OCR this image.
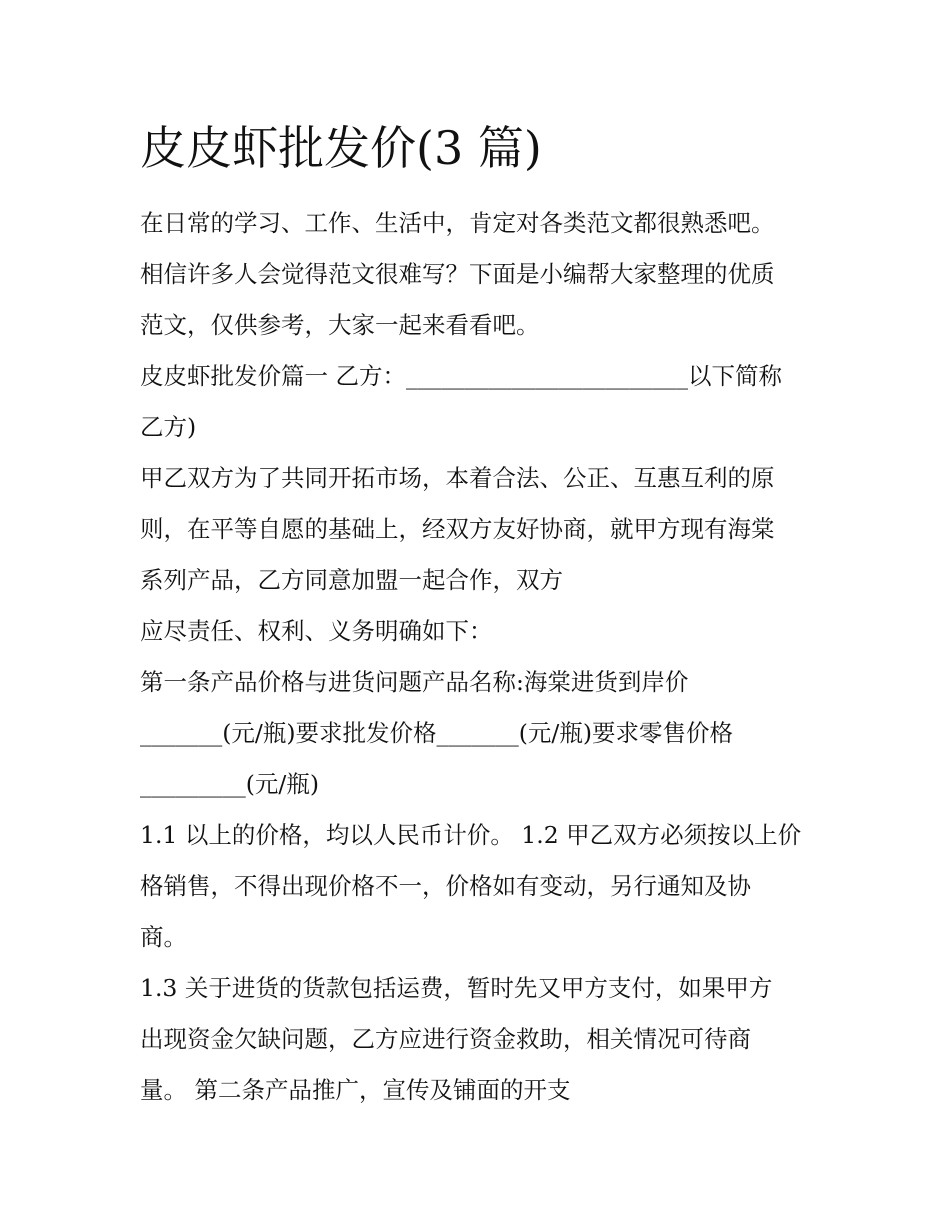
皮皮虾批发价(3 篇)
在日常的学习、工作、生活中，肯定对各类范文都很熟悉吧。
相信许多人会觉得范文很难写？下面是小编帮大家整理的优质
范文，仅供参考，大家一起来看看吧。
皮皮虾批发价篇一 乙方：________________________以下简称
乙方)
甲乙双方为了共同开拓市场，本着合法、公正、互惠互利的原
则，在平等自愿的基础上，经双方友好协商，就甲方现有海棠
系列产品，乙方同意加盟一起合作，双方
应尽责任、权利、义务明确如下：
第一条产品价格与进货问题产品名称:海棠进货到岸价
_______(元/瓶)要求批发价格_______(元/瓶)要求零售价格
_________(元/瓶)
1.1 以上的价格，均以人民币计价。 1.2 甲乙双方必须按以上价
格销售，不得出现价格不一，价格如有变动，另行通知及协
商。
1.3 关于进货的货款包括运费，暂时先又甲方支付，如果甲方
出现资金欠缺问题，乙方应进行资金救助，相关情况可待商
量。 第二条产品推广，宣传及铺面的开支
